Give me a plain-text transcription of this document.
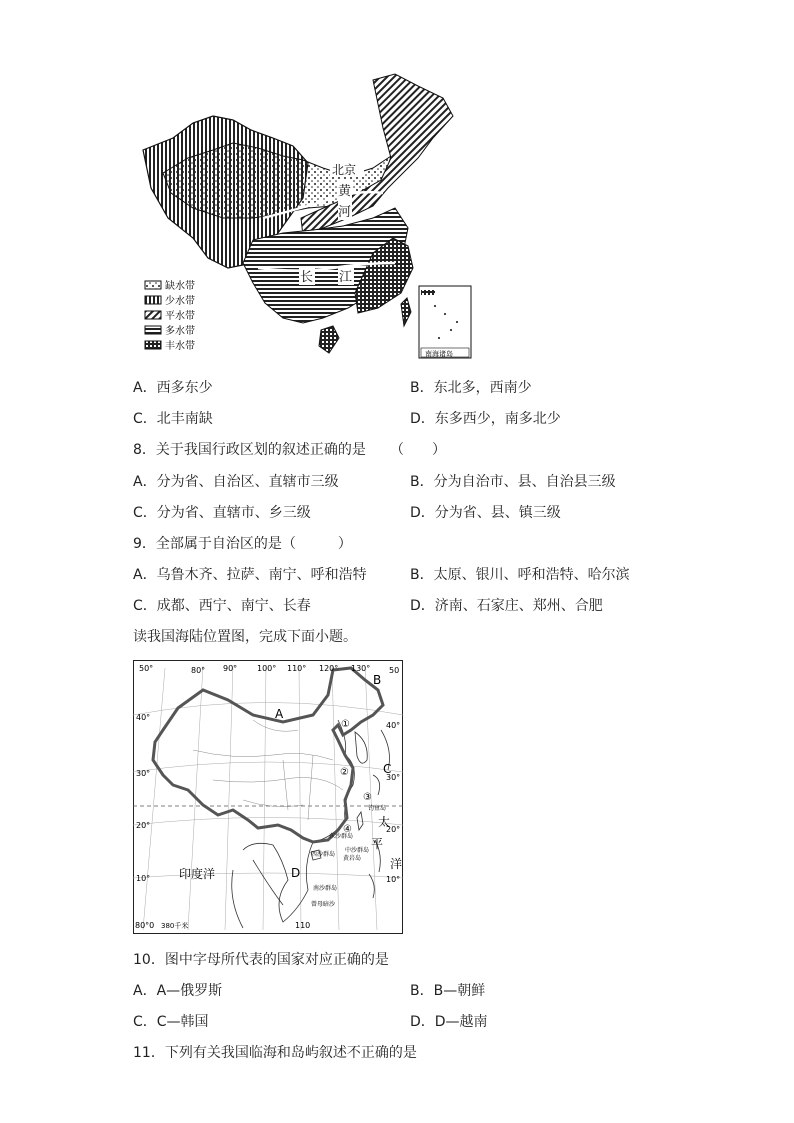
北京
黄
河
长 江
缺水带
少水带
平水带
多水带
丰水带
南海诸岛
A．西多东少	B．东北多，西南少
C．北丰南缺	D．东多西少，南多北少
8．关于我国行政区划的叙述正确的是 （　　）
A．分为省、自治区、直辖市三级	B．分为自治市、县、自治县三级
C．分为省、直辖市、乡三级	D．分为省、县、镇三级
9．全部属于自治区的是（　　　）
A．乌鲁木齐、拉萨、南宁、呼和浩特	B．太原、银川、呼和浩特、哈尔滨
C．成都、西宁、南宁、长春	D．济南、石家庄、郑州、合肥
读我国海陆位置图，完成下面小题。
50°	80° 90° 100° 110° 120° 130°
40°
30°
20°
10°
50
40°
30°
20°
10°
A
B
C
D
①
②
③
④
印度洋
太
平
洋
钓鱼岛
东沙群岛
中沙群岛
黄岩岛
西沙群岛
南沙群岛
曾母暗沙
80°0 380千米	110
10．图中字母所代表的国家对应正确的是
A．A—俄罗斯	B．B—朝鲜
C．C—韩国	D．D—越南
11．下列有关我国临海和岛屿叙述不正确的是
